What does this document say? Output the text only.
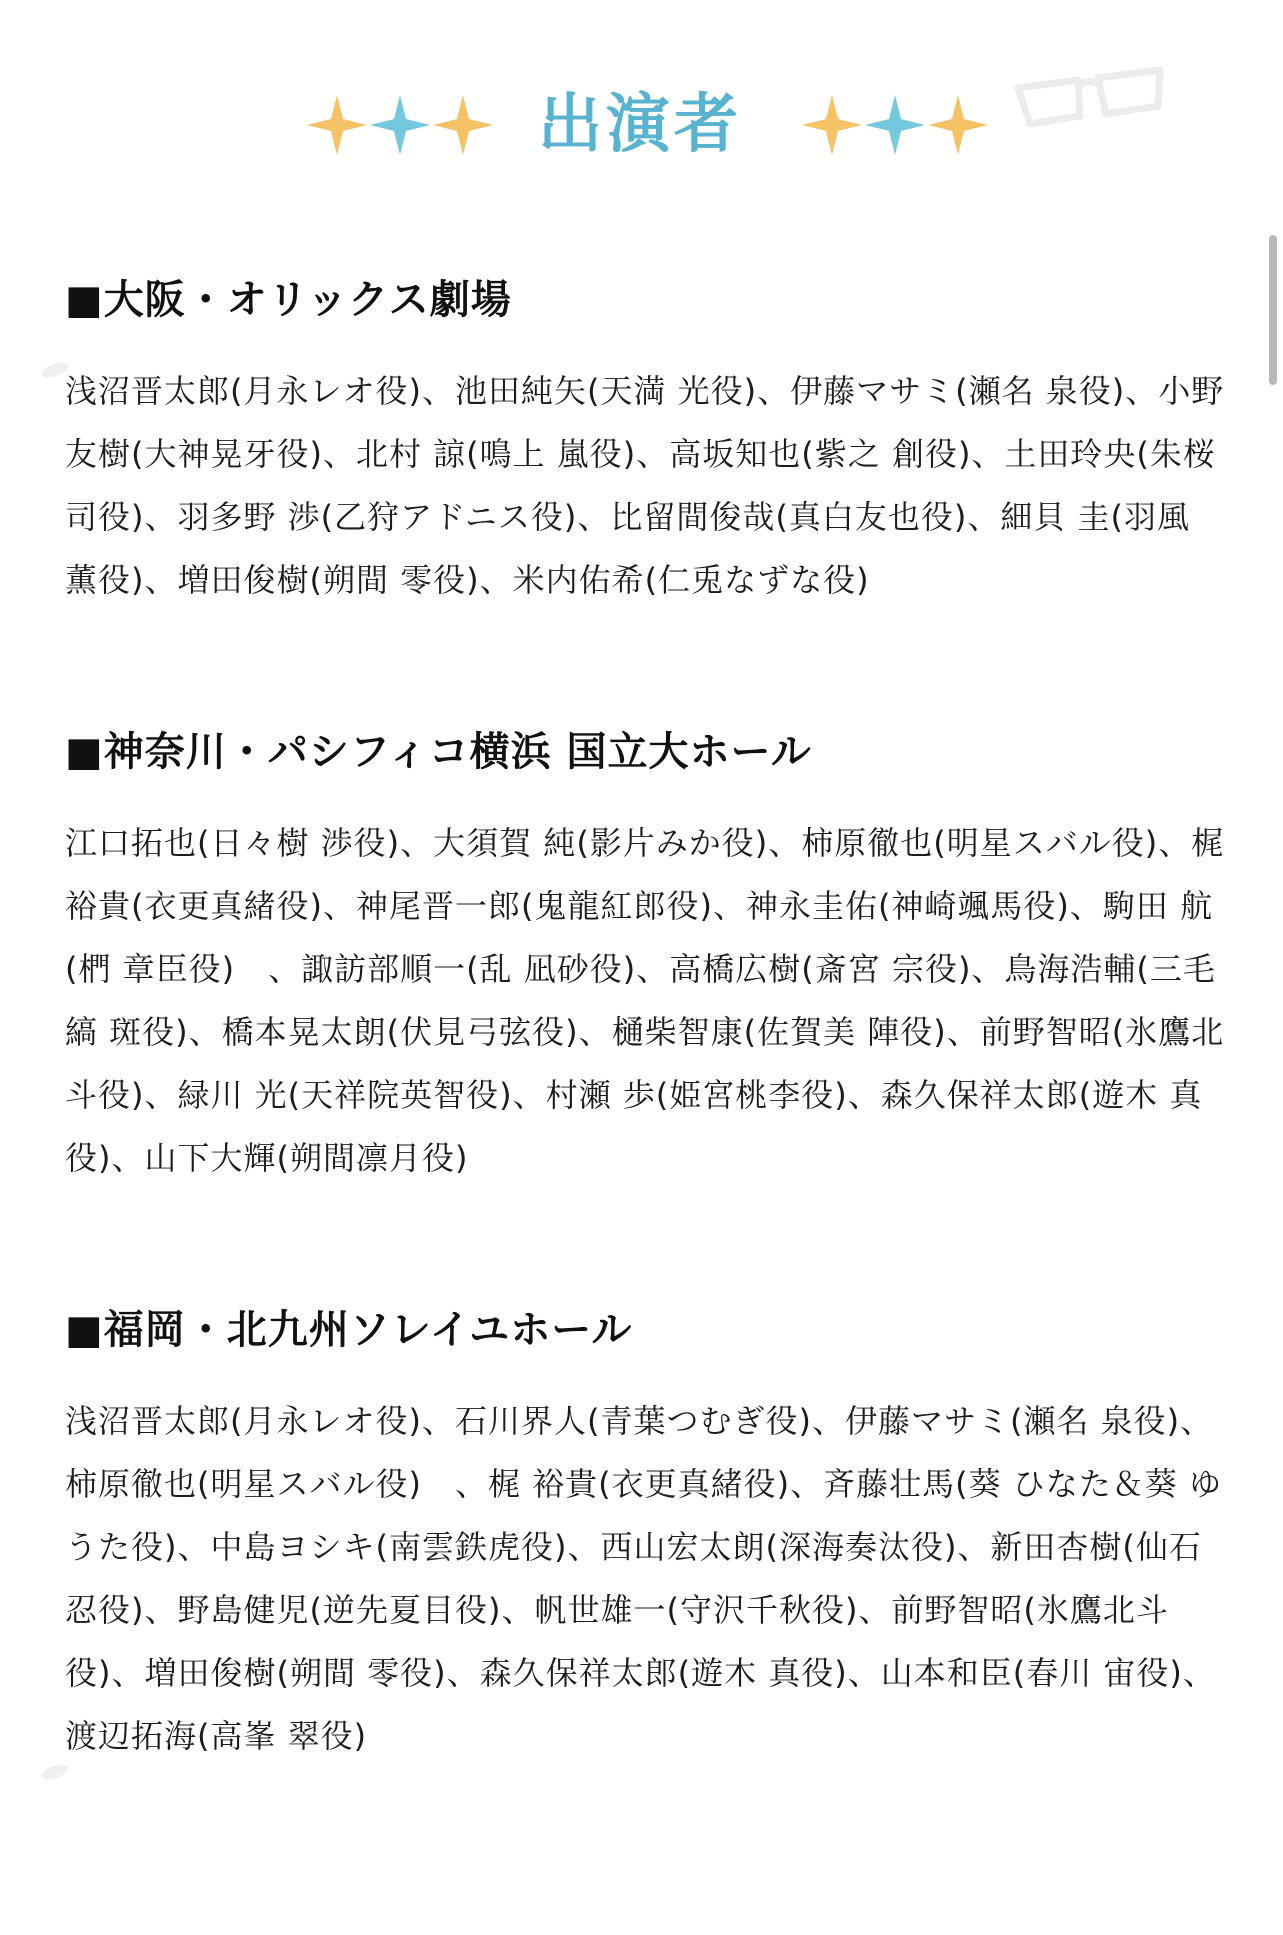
出演者
■大阪・オリックス劇場

浅沼晋太郎(月永レオ役)、池田純矢(天満 光役)、伊藤マサミ(瀬名 泉役)、小野友樹(大神晃牙役)、北村 諒(鳴上 嵐役)、高坂知也(紫之 創役)、土田玲央(朱桜 司役)、羽多野 渉(乙狩アドニス役)、比留間俊哉(真白友也役)、細貝 圭(羽風 薫役)、増田俊樹(朔間 零役)、米内佑希(仁兎なずな役)

■神奈川・パシフィコ横浜 国立大ホール

江口拓也(日々樹 渉役)、大須賀 純(影片みか役)、柿原徹也(明星スバル役)、梶 裕貴(衣更真緒役)、神尾晋一郎(鬼龍紅郎役)、神永圭佑(神崎颯馬役)、駒田 航(椚 章臣役)　、諏訪部順一(乱 凪砂役)、高橋広樹(斎宮 宗役)、鳥海浩輔(三毛縞 斑役)、橋本晃太朗(伏見弓弦役)、樋柴智康(佐賀美 陣役)、前野智昭(氷鷹北斗役)、緑川 光(天祥院英智役)、村瀬 歩(姫宮桃李役)、森久保祥太郎(遊木 真役)、山下大輝(朔間凛月役)

■福岡・北九州ソレイユホール

浅沼晋太郎(月永レオ役)、石川界人(青葉つむぎ役)、伊藤マサミ(瀬名 泉役)、柿原徹也(明星スバル役)　、梶 裕貴(衣更真緒役)、斉藤壮馬(葵 ひなた＆葵 ゆうた役)、中島ヨシキ(南雲鉄虎役)、西山宏太朗(深海奏汰役)、新田杏樹(仙石 忍役)、野島健児(逆先夏目役)、帆世雄一(守沢千秋役)、前野智昭(氷鷹北斗役)、増田俊樹(朔間 零役)、森久保祥太郎(遊木 真役)、山本和臣(春川 宙役)、渡辺拓海(高峯 翠役)
